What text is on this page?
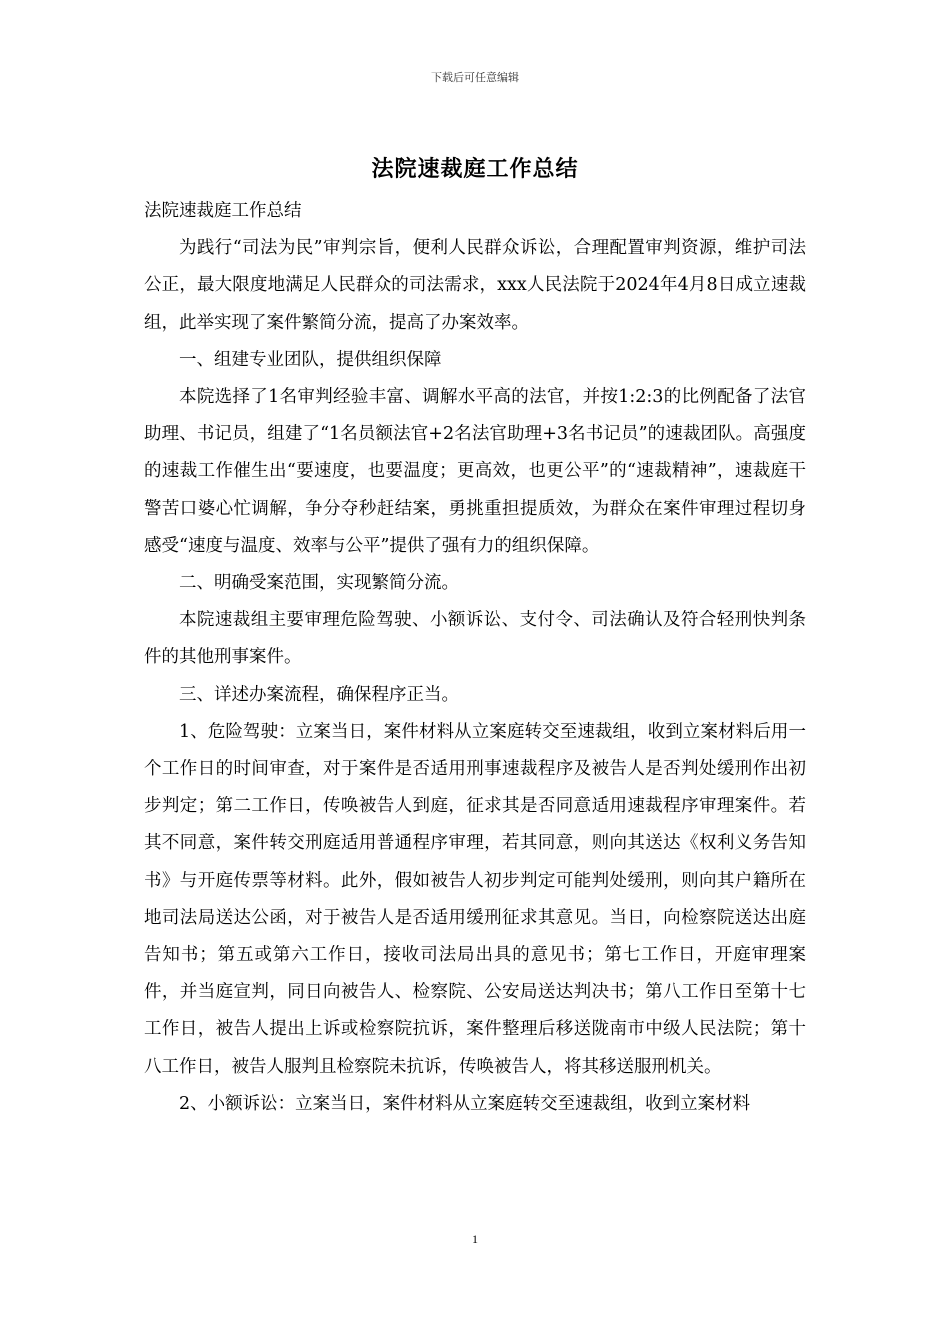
下载后可任意编辑
法院速裁庭工作总结

法院速裁庭工作总结

为践行“司法为民”审判宗旨，便利人民群众诉讼，合理配置审判资源，维护司法公正，最大限度地满足人民群众的司法需求，xxx人民法院于2024年4月8日成立速裁组，此举实现了案件繁简分流，提高了办案效率。

一、组建专业团队，提供组织保障

本院选择了1名审判经验丰富、调解水平高的法官，并按1:2:3的比例配备了法官助理、书记员，组建了“1名员额法官+2名法官助理+3名书记员”的速裁团队。高强度的速裁工作催生出“要速度，也要温度；更高效，也更公平”的“速裁精神”，速裁庭干警苦口婆心忙调解，争分夺秒赶结案，勇挑重担提质效，为群众在案件审理过程切身感受“速度与温度、效率与公平”提供了强有力的组织保障。

二、明确受案范围，实现繁简分流。

本院速裁组主要审理危险驾驶、小额诉讼、支付令、司法确认及符合轻刑快判条件的其他刑事案件。

三、详述办案流程，确保程序正当。

1、危险驾驶：立案当日，案件材料从立案庭转交至速裁组，收到立案材料后用一个工作日的时间审查，对于案件是否适用刑事速裁程序及被告人是否判处缓刑作出初步判定；第二工作日，传唤被告人到庭，征求其是否同意适用速裁程序审理案件。若其不同意，案件转交刑庭适用普通程序审理，若其同意，则向其送达《权利义务告知书》与开庭传票等材料。此外，假如被告人初步判定可能判处缓刑，则向其户籍所在地司法局送达公函，对于被告人是否适用缓刑征求其意见。当日，向检察院送达出庭告知书；第五或第六工作日，接收司法局出具的意见书；第七工作日，开庭审理案件，并当庭宣判，同日向被告人、检察院、公安局送达判决书；第八工作日至第十七工作日，被告人提出上诉或检察院抗诉，案件整理后移送陇南市中级人民法院；第十八工作日，被告人服判且检察院未抗诉，传唤被告人，将其移送服刑机关。

2、小额诉讼：立案当日，案件材料从立案庭转交至速裁组，收到立案材料

1
